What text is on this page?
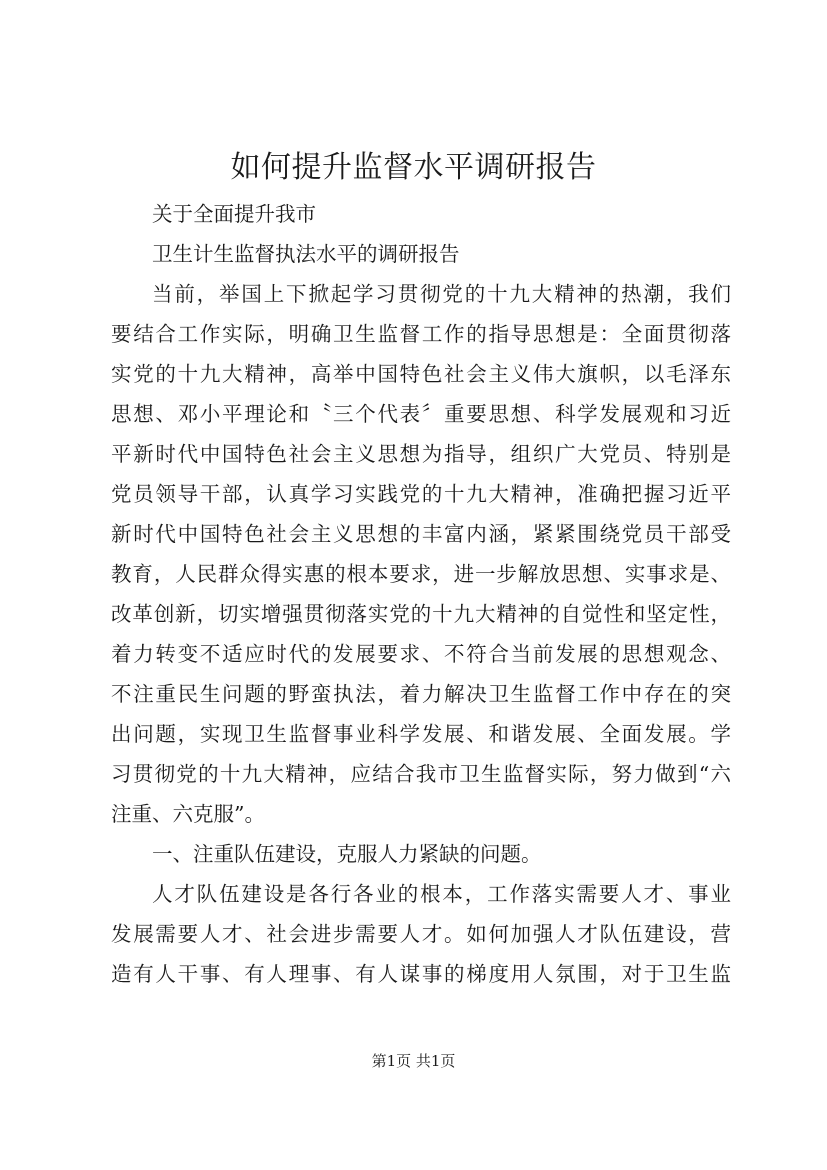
如何提升监督水平调研报告
关于全面提升我市
卫生计生监督执法水平的调研报告
当前，举国上下掀起学习贯彻党的十九大精神的热潮，我们
要结合工作实际，明确卫生监督工作的指导思想是：全面贯彻落
实党的十九大精神，高举中国特色社会主义伟大旗帜，以毛泽东
思想、邓小平理论和〝三个代表〞重要思想、科学发展观和习近
平新时代中国特色社会主义思想为指导，组织广大党员、特别是
党员领导干部，认真学习实践党的十九大精神，准确把握习近平
新时代中国特色社会主义思想的丰富内涵，紧紧围绕党员干部受
教育，人民群众得实惠的根本要求，进一步解放思想、实事求是、
改革创新，切实增强贯彻落实党的十九大精神的自觉性和坚定性，
着力转变不适应时代的发展要求、不符合当前发展的思想观念、
不注重民生问题的野蛮执法，着力解决卫生监督工作中存在的突
出问题，实现卫生监督事业科学发展、和谐发展、全面发展。学
习贯彻党的十九大精神，应结合我市卫生监督实际，努力做到“六
注重、六克服”。
一、注重队伍建设，克服人力紧缺的问题。
人才队伍建设是各行各业的根本，工作落实需要人才、事业
发展需要人才、社会进步需要人才。如何加强人才队伍建设，营
造有人干事、有人理事、有人谋事的梯度用人氛围，对于卫生监
第1页 共1页
